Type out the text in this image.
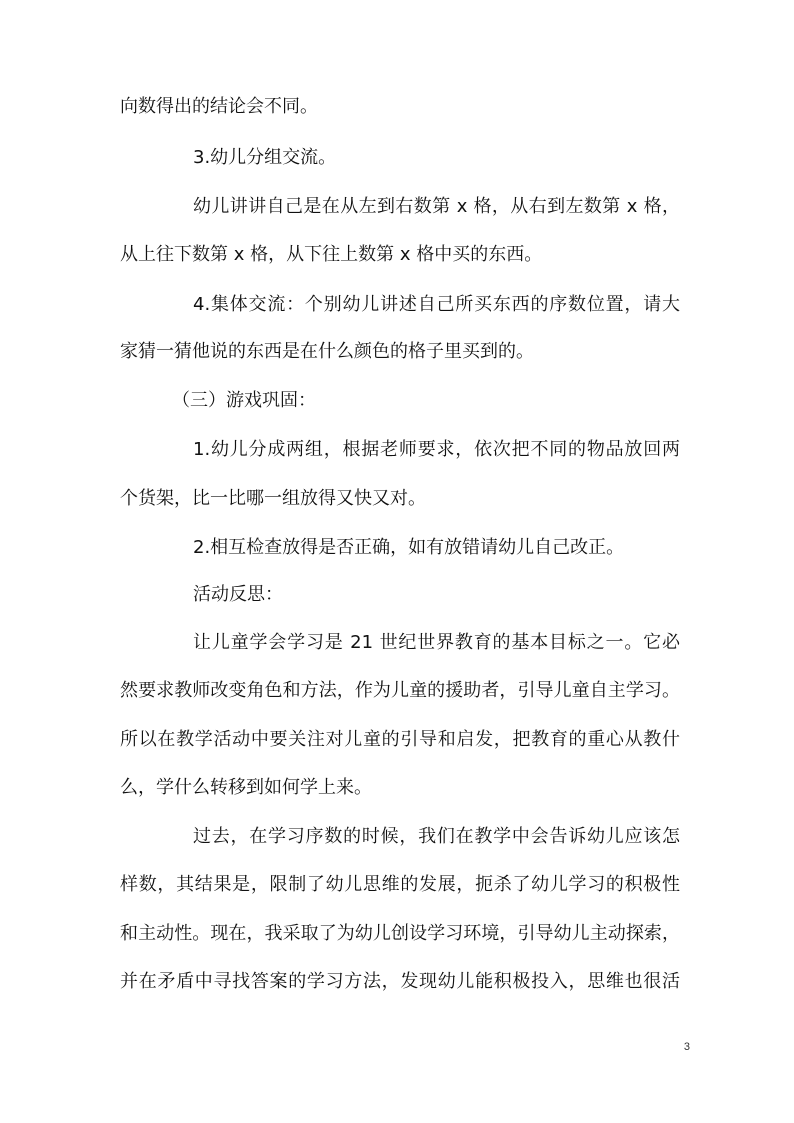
向数得出的结论会不同。
3.幼儿分组交流。
幼儿讲讲自己是在从左到右数第 x 格，从右到左数第 x 格，
从上往下数第 x 格，从下往上数第 x 格中买的东西。
4.集体交流：个别幼儿讲述自己所买东西的序数位置，请大
家猜一猜他说的东西是在什么颜色的格子里买到的。
（三）游戏巩固：
1.幼儿分成两组，根据老师要求，依次把不同的物品放回两
个货架，比一比哪一组放得又快又对。
2.相互检查放得是否正确，如有放错请幼儿自己改正。
活动反思：
让儿童学会学习是 21 世纪世界教育的基本目标之一。它必
然要求教师改变角色和方法，作为儿童的援助者，引导儿童自主学习。
所以在教学活动中要关注对儿童的引导和启发，把教育的重心从教什
么，学什么转移到如何学上来。
过去，在学习序数的时候，我们在教学中会告诉幼儿应该怎
样数，其结果是，限制了幼儿思维的发展，扼杀了幼儿学习的积极性
和主动性。现在，我采取了为幼儿创设学习环境，引导幼儿主动探索，
并在矛盾中寻找答案的学习方法，发现幼儿能积极投入，思维也很活
3
